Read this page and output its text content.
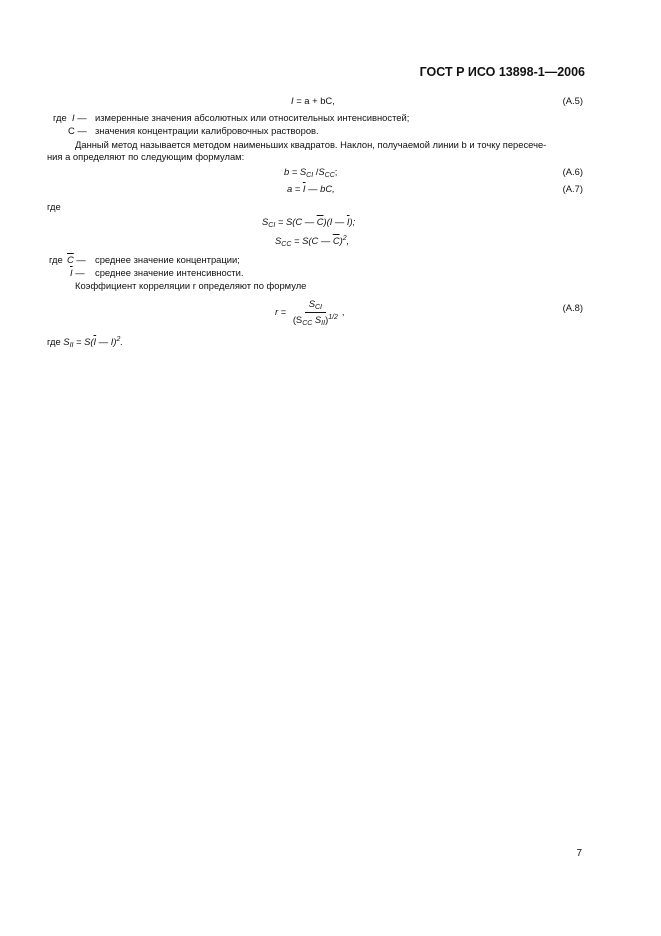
ГОСТ Р ИСО 13898-1—2006
I = a + bC,	(А.5)
где I — измеренные значения абсолютных или относительных интенсивностей;
C — значения концентрации калибровочных растворов.
Данный метод называется методом наименьших квадратов. Наклон, получаемой линии b и точку пересече-
ния a определяют по следующим формулам:
$b = S_{CI}$ $/S_{CC}$;	(А.6)
$a = \overline{I}$ — bC,	(А.7)
где
$S_{CI} = S(C$ — $\overline{C})(I$ — $\overline{I}$);
$S_{CC} = S(C$ — $\overline{C})^2$,
где $\overline{C}$ — среднее значение концентрации;
$\overline{I}$ — среднее значение интенсивности.
Коэффициент корреляции r определяют по формуле
$r = \frac{S_{CI}}{(S_{CC} S_{II})^{1/2}}$ ,	(А.8)
где $S_{II} = S(\overline{I}$ — I)$^2$.
7
